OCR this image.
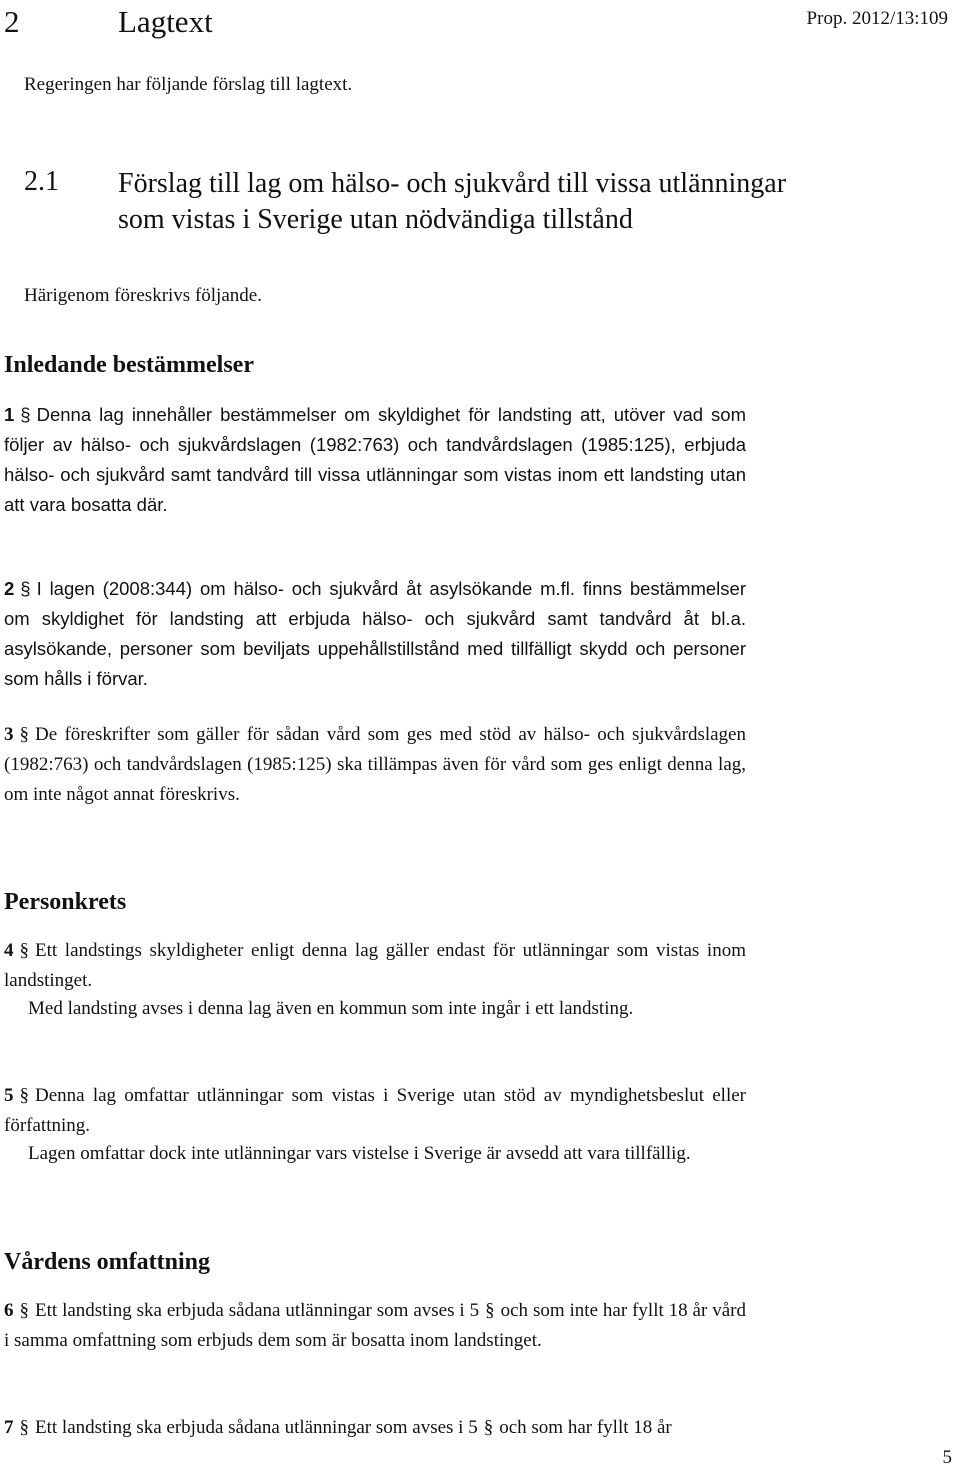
2	Lagtext	Prop. 2012/13:109
Regeringen har följande förslag till lagtext.
2.1 Förslag till lag om hälso- och sjukvård till vissa utlänningar som vistas i Sverige utan nödvändiga tillstånd
Härigenom föreskrivs följande.
Inledande bestämmelser

1 § Denna lag innehåller bestämmelser om skyldighet för landsting att, utöver vad som följer av hälso- och sjukvårdslagen (1982:763) och tandvårdslagen (1985:125), erbjuda hälso- och sjukvård samt tandvård till vissa utlänningar som vistas inom ett landsting utan att vara bosatta där.

2 § I lagen (2008:344) om hälso- och sjukvård åt asylsökande m.fl. finns bestämmelser om skyldighet för landsting att erbjuda hälso- och sjukvård samt tandvård åt bl.a. asylsökande, personer som beviljats uppehållstillstånd med tillfälligt skydd och personer som hålls i förvar.

3 § De föreskrifter som gäller för sådan vård som ges med stöd av hälso- och sjukvårdslagen (1982:763) och tandvårdslagen (1985:125) ska tillämpas även för vård som ges enligt denna lag, om inte något annat föreskrivs.

Personkrets

4 § Ett landstings skyldigheter enligt denna lag gäller endast för utlänningar som vistas inom landstinget.

Med landsting avses i denna lag även en kommun som inte ingår i ett landsting.

5 § Denna lag omfattar utlänningar som vistas i Sverige utan stöd av myndighetsbeslut eller författning.

Lagen omfattar dock inte utlänningar vars vistelse i Sverige är avsedd att vara tillfällig.

Vårdens omfattning

6 § Ett landsting ska erbjuda sådana utlänningar som avses i 5 § och som inte har fyllt 18 år vård i samma omfattning som erbjuds dem som är bosatta inom landstinget.

7 § Ett landsting ska erbjuda sådana utlänningar som avses i 5 § och som har fyllt 18 år

5
